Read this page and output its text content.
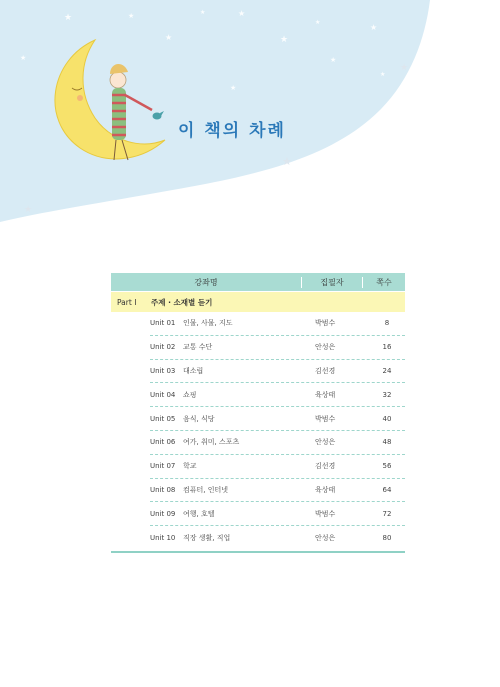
★	★
★
★	★
★
★
★
★
★
★
★
★
★
★
이 책의 차례
강좌명	집필자	쪽수
Part Ⅰ	주제 · 소재별 듣기
Unit 01	인물, 사물, 지도	박범수	8
Unit 02	교통 수단	안성은	16
Unit 03	대소립	김선경	24
Unit 04	쇼핑	육상태	32
Unit 05	음식, 식당	박범수	40
Unit 06	여가, 취미, 스포츠	안성은	48
Unit 07	학교	김선경	56
Unit 08	컴퓨터, 인터넷	육상태	64
Unit 09	여행, 호텔	박범수	72
Unit 10	직장 생활, 직업	안성은	80
